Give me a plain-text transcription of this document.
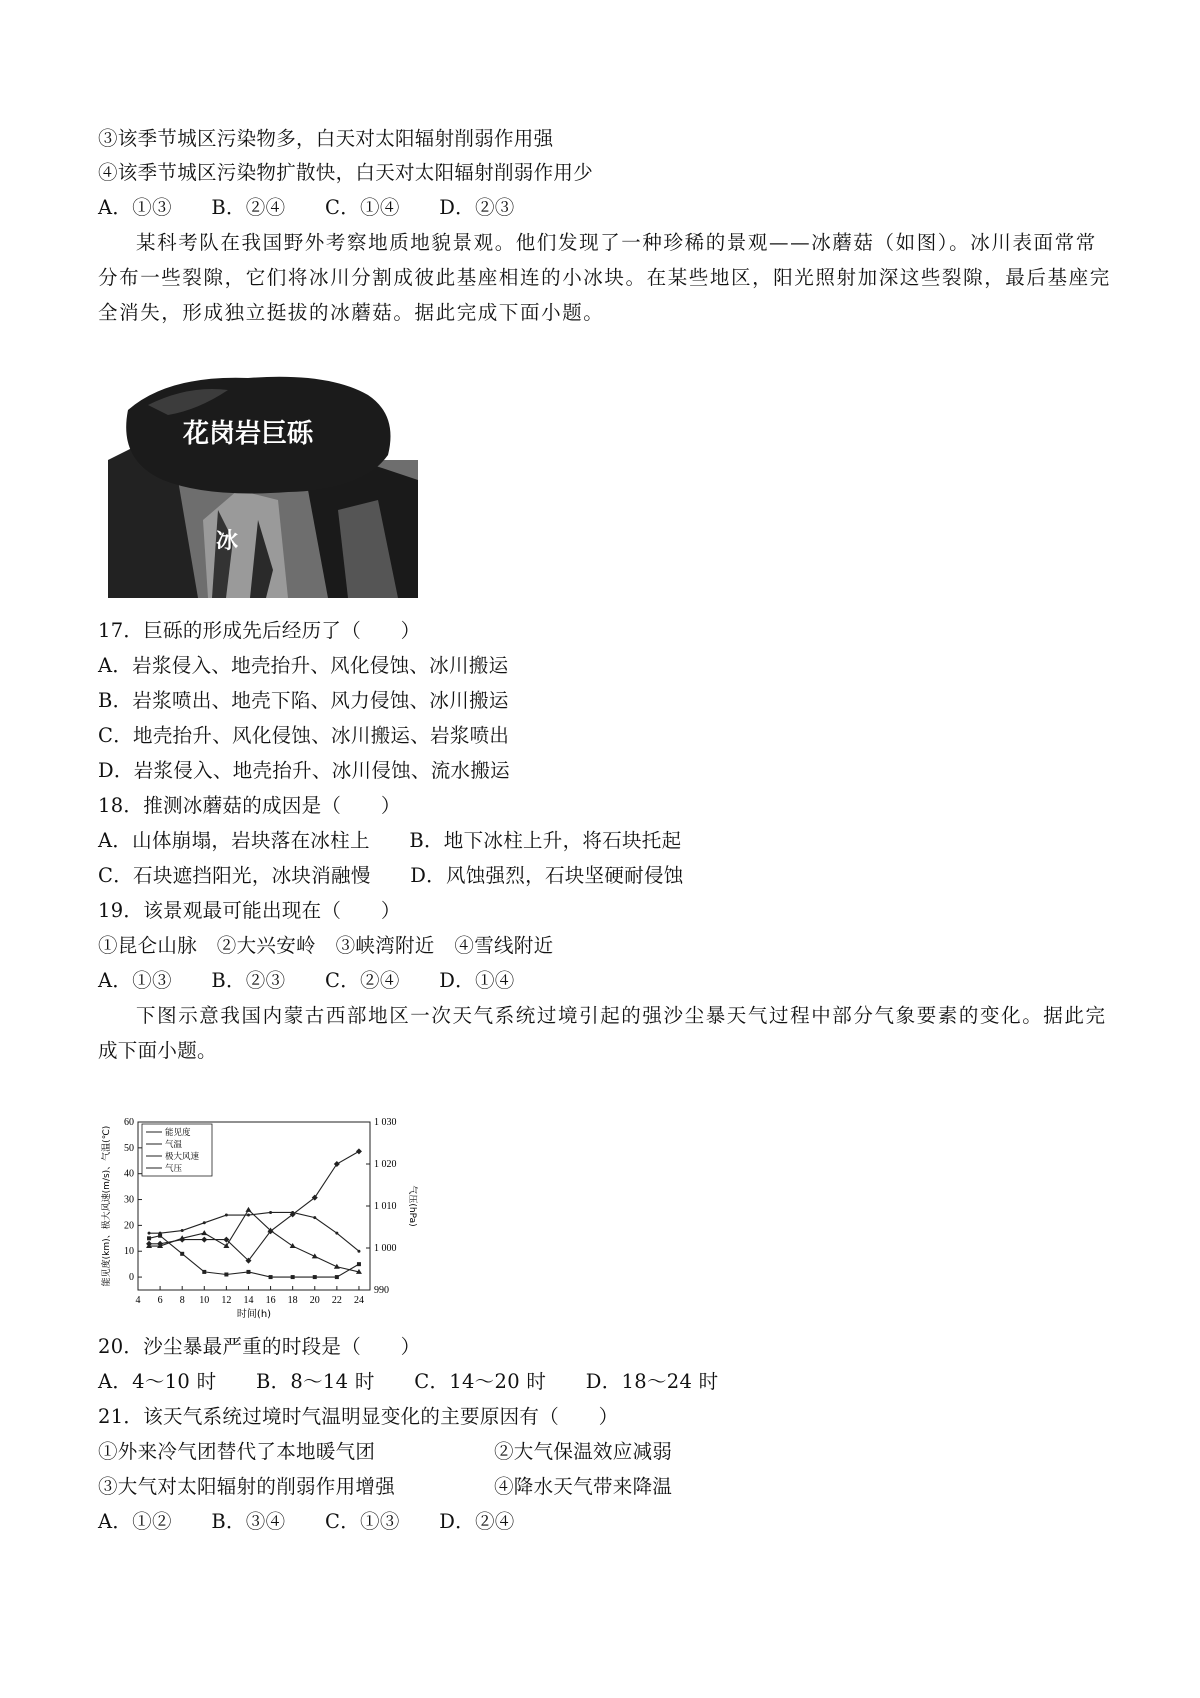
③该季节城区污染物多，白天对太阳辐射削弱作用强
④该季节城区污染物扩散快，白天对太阳辐射削弱作用少
A．①③　　B．②④　　C．①④　　D．②③
某科考队在我国野外考察地质地貌景观。他们发现了一种珍稀的景观——冰蘑菇（如图）。冰川表面常常
分布一些裂隙，它们将冰川分割成彼此基座相连的小冰块。在某些地区，阳光照射加深这些裂隙，最后基座完
全消失，形成独立挺拔的冰蘑菇。据此完成下面小题。
花岗岩巨砾
冰
17．巨砾的形成先后经历了（　　）
A．岩浆侵入、地壳抬升、风化侵蚀、冰川搬运
B．岩浆喷出、地壳下陷、风力侵蚀、冰川搬运
C．地壳抬升、风化侵蚀、冰川搬运、岩浆喷出
D．岩浆侵入、地壳抬升、冰川侵蚀、流水搬运
18．推测冰蘑菇的成因是（　　）
A．山体崩塌，岩块落在冰柱上　　B．地下冰柱上升，将石块托起
C．石块遮挡阳光，冰块消融慢　　D．风蚀强烈，石块坚硬耐侵蚀
19．该景观最可能出现在（　　）
①昆仑山脉　②大兴安岭　③峡湾附近　④雪线附近
A．①③　　B．②③　　C．②④　　D．①④
下图示意我国内蒙古西部地区一次天气系统过境引起的强沙尘暴天气过程中部分气象要素的变化。据此完
成下面小题。
4 6 8 10 12 14 16 18 20 22 24
0
10
20
30
40
50
60
990
1 000
1 010
1 020
1 030
时间(h)
能见度(km)、极大风速(m/s)、气温(℃)	气压(hPa)
能见度
气温
极大风速
气压
20．沙尘暴最严重的时段是（　　）
A．4～10 时　　B．8～14 时　　C．14～20 时　　D．18～24 时
21．该天气系统过境时气温明显变化的主要原因有（　　）
①外来冷气团替代了本地暖气团　　　　　　②大气保温效应减弱
③大气对太阳辐射的削弱作用增强　　　　　④降水天气带来降温
A．①②　　B．③④　　C．①③　　D．②④
